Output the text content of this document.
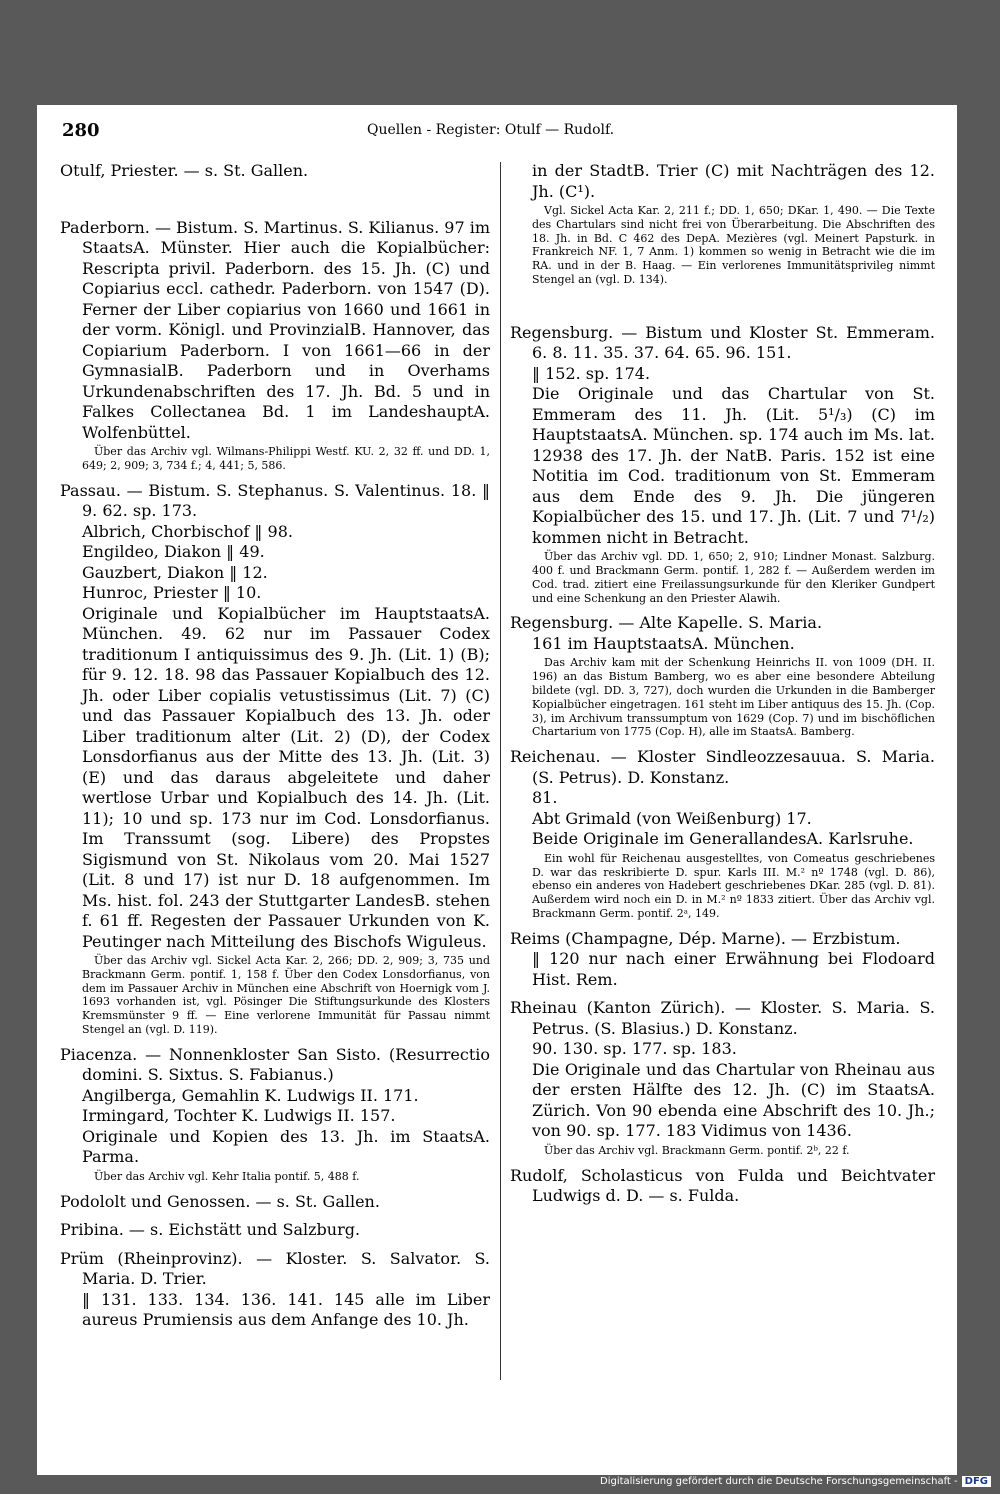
280	Quellen - Register: Otulf — Rudolf.

Otulf, Priester. — s. St. Gallen.

Paderborn. — Bistum. S. Martinus. S. Kilianus. 97 im StaatsA. Münster. Hier auch die Kopialbücher: Rescripta privil. Paderborn. des 15. Jh. (C) und Copiarius eccl. cathedr. Paderborn. von 1547 (D). Ferner der Liber copiarius von 1660 und 1661 in der vorm. Königl. und ProvinzialB. Hannover, das Copiarium Paderborn. I von 1661—66 in der GymnasialB. Paderborn und in Overhams Urkundenabschriften des 17. Jh. Bd. 5 und in Falkes Collectanea Bd. 1 im LandeshauptA. Wolfenbüttel.

Über das Archiv vgl. Wilmans-Philippi Westf. KU. 2, 32 ff. und DD. 1, 649; 2, 909; 3, 734 f.; 4, 441; 5, 586.

Passau. — Bistum. S. Stephanus. S. Valentinus. 18. ‖ 9. 62. sp. 173.

Albrich, Chorbischof ‖ 98.

Engildeo, Diakon ‖ 49.

Gauzbert, Diakon ‖ 12.

Hunroc, Priester ‖ 10.

Originale und Kopialbücher im HauptstaatsA. München. 49. 62 nur im Passauer Codex traditionum I antiquissimus des 9. Jh. (Lit. 1) (B); für 9. 12. 18. 98 das Passauer Kopialbuch des 12. Jh. oder Liber copialis vetustissimus (Lit. 7) (C) und das Passauer Kopialbuch des 13. Jh. oder Liber traditionum alter (Lit. 2) (D), der Codex Lonsdorfianus aus der Mitte des 13. Jh. (Lit. 3) (E) und das daraus abgeleitete und daher wertlose Urbar und Kopialbuch des 14. Jh. (Lit. 11); 10 und sp. 173 nur im Cod. Lonsdorfianus. Im Transsumt (sog. Libere) des Propstes Sigismund von St. Nikolaus vom 20. Mai 1527 (Lit. 8 und 17) ist nur D. 18 aufgenommen. Im Ms. hist. fol. 243 der Stuttgarter LandesB. stehen f. 61 ff. Regesten der Passauer Urkunden von K. Peutinger nach Mitteilung des Bischofs Wiguleus.

Über das Archiv vgl. Sickel Acta Kar. 2, 266; DD. 2, 909; 3, 735 und Brackmann Germ. pontif. 1, 158 f. Über den Codex Lonsdorfianus, von dem im Passauer Archiv in München eine Abschrift von Hoernigk vom J. 1693 vorhanden ist, vgl. Pösinger Die Stiftungsurkunde des Klosters Kremsmünster 9 ff. — Eine verlorene Immunität für Passau nimmt Stengel an (vgl. D. 119).

Piacenza. — Nonnenkloster San Sisto. (Resurrectio domini. S. Sixtus. S. Fabianus.)

Angilberga, Gemahlin K. Ludwigs II. 171.

Irmingard, Tochter K. Ludwigs II. 157.

Originale und Kopien des 13. Jh. im StaatsA. Parma.

Über das Archiv vgl. Kehr Italia pontif. 5, 488 f.

Podololt und Genossen. — s. St. Gallen.

Pribina. — s. Eichstätt und Salzburg.

Prüm (Rheinprovinz). — Kloster. S. Salvator. S. Maria. D. Trier.

‖ 131. 133. 134. 136. 141. 145 alle im Liber aureus Prumiensis aus dem Anfange des 10. Jh.

in der StadtB. Trier (C) mit Nachträgen des 12. Jh. (C¹).

Vgl. Sickel Acta Kar. 2, 211 f.; DD. 1, 650; DKar. 1, 490. — Die Texte des Chartulars sind nicht frei von Überarbeitung. Die Abschriften des 18. Jh. in Bd. C 462 des DepA. Mezières (vgl. Meinert Papsturk. in Frankreich NF. 1, 7 Anm. 1) kommen so wenig in Betracht wie die im RA. und in der B. Haag. — Ein verlorenes Immunitätsprivileg nimmt Stengel an (vgl. D. 134).

Regensburg. — Bistum und Kloster St. Emmeram. 6. 8. 11. 35. 37. 64. 65. 96. 151.

‖ 152. sp. 174.

Die Originale und das Chartular von St. Emmeram des 11. Jh. (Lit. 5¹/₃) (C) im HauptstaatsA. München. sp. 174 auch im Ms. lat. 12938 des 17. Jh. der NatB. Paris. 152 ist eine Notitia im Cod. traditionum von St. Emmeram aus dem Ende des 9. Jh. Die jüngeren Kopialbücher des 15. und 17. Jh. (Lit. 7 und 7¹/₂) kommen nicht in Betracht.

Über das Archiv vgl. DD. 1, 650; 2, 910; Lindner Monast. Salzburg. 400 f. und Brackmann Germ. pontif. 1, 282 f. — Außerdem werden im Cod. trad. zitiert eine Freilassungsurkunde für den Kleriker Gundpert und eine Schenkung an den Priester Alawih.

Regensburg. — Alte Kapelle. S. Maria.

161 im HauptstaatsA. München.

Das Archiv kam mit der Schenkung Heinrichs II. von 1009 (DH. II. 196) an das Bistum Bamberg, wo es aber eine besondere Abteilung bildete (vgl. DD. 3, 727), doch wurden die Urkunden in die Bamberger Kopialbücher eingetragen. 161 steht im Liber antiquus des 15. Jh. (Cop. 3), im Archivum transsumptum von 1629 (Cop. 7) und im bischöflichen Chartarium von 1775 (Cop. H), alle im StaatsA. Bamberg.

Reichenau. — Kloster Sindleozzesauua. S. Maria. (S. Petrus). D. Konstanz.

81.

Abt Grimald (von Weißenburg) 17.

Beide Originale im GenerallandesA. Karlsruhe.

Ein wohl für Reichenau ausgestelltes, von Comeatus geschriebenes D. war das reskribierte D. spur. Karls III. M.² nº 1748 (vgl. D. 86), ebenso ein anderes von Hadebert geschriebenes DKar. 285 (vgl. D. 81). Außerdem wird noch ein D. in M.² nº 1833 zitiert. Über das Archiv vgl. Brackmann Germ. pontif. 2ᵃ, 149.

Reims (Champagne, Dép. Marne). — Erzbistum.

‖ 120 nur nach einer Erwähnung bei Flodoard Hist. Rem.

Rheinau (Kanton Zürich). — Kloster. S. Maria. S. Petrus. (S. Blasius.) D. Konstanz.

90. 130. sp. 177. sp. 183.

Die Originale und das Chartular von Rheinau aus der ersten Hälfte des 12. Jh. (C) im StaatsA. Zürich. Von 90 ebenda eine Abschrift des 10. Jh.; von 90. sp. 177. 183 Vidimus von 1436.

Über das Archiv vgl. Brackmann Germ. pontif. 2ᵇ, 22 f.

Rudolf, Scholasticus von Fulda und Beichtvater Ludwigs d. D. — s. Fulda.

Digitalisierung gefördert durch die Deutsche Forschungsgemeinschaft - DFG
